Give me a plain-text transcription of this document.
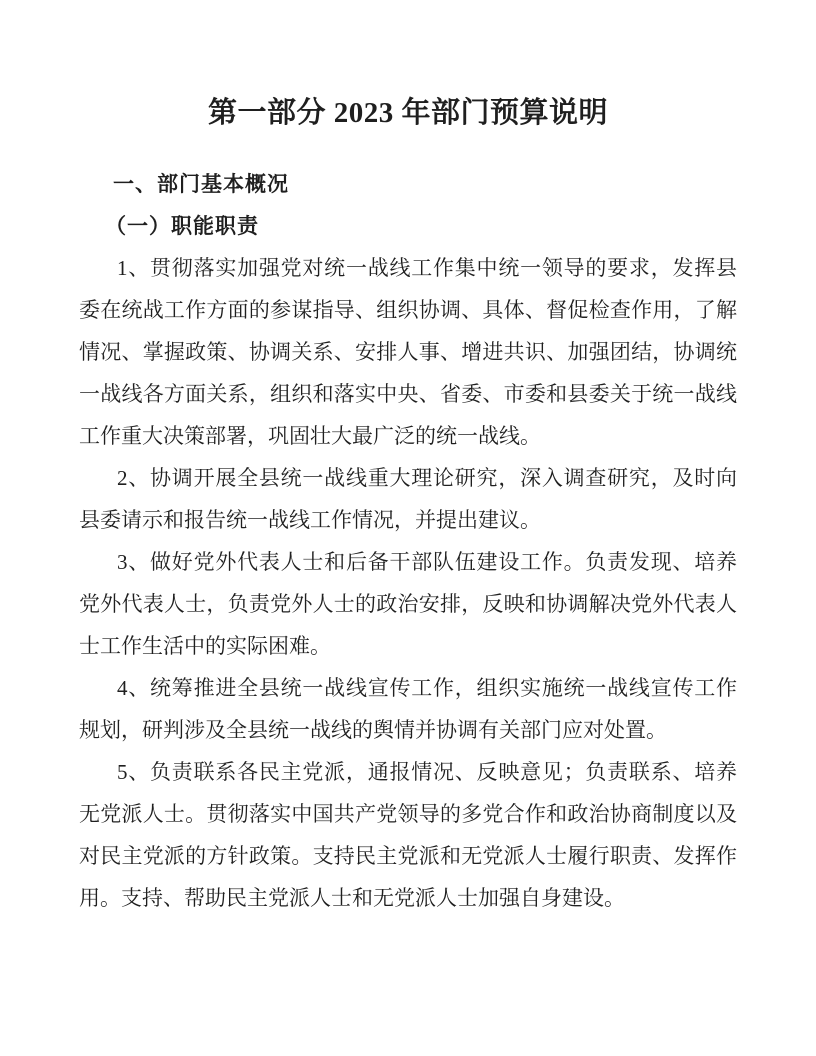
第一部分 2023 年部门预算说明
一、部门基本概况
（一）职能职责
1、贯彻落实加强党对统一战线工作集中统一领导的要求，发挥县
委在统战工作方面的参谋指导、组织协调、具体、督促检查作用，了解
情况、掌握政策、协调关系、安排人事、增进共识、加强团结，协调统
一战线各方面关系，组织和落实中央、省委、市委和县委关于统一战线
工作重大决策部署，巩固壮大最广泛的统一战线。
2、协调开展全县统一战线重大理论研究，深入调查研究，及时向
县委请示和报告统一战线工作情况，并提出建议。
3、做好党外代表人士和后备干部队伍建设工作。负责发现、培养
党外代表人士，负责党外人士的政治安排，反映和协调解决党外代表人
士工作生活中的实际困难。
4、统筹推进全县统一战线宣传工作，组织实施统一战线宣传工作
规划，研判涉及全县统一战线的舆情并协调有关部门应对处置。
5、负责联系各民主党派，通报情况、反映意见；负责联系、培养
无党派人士。贯彻落实中国共产党领导的多党合作和政治协商制度以及
对民主党派的方针政策。支持民主党派和无党派人士履行职责、发挥作
用。支持、帮助民主党派人士和无党派人士加强自身建设。
